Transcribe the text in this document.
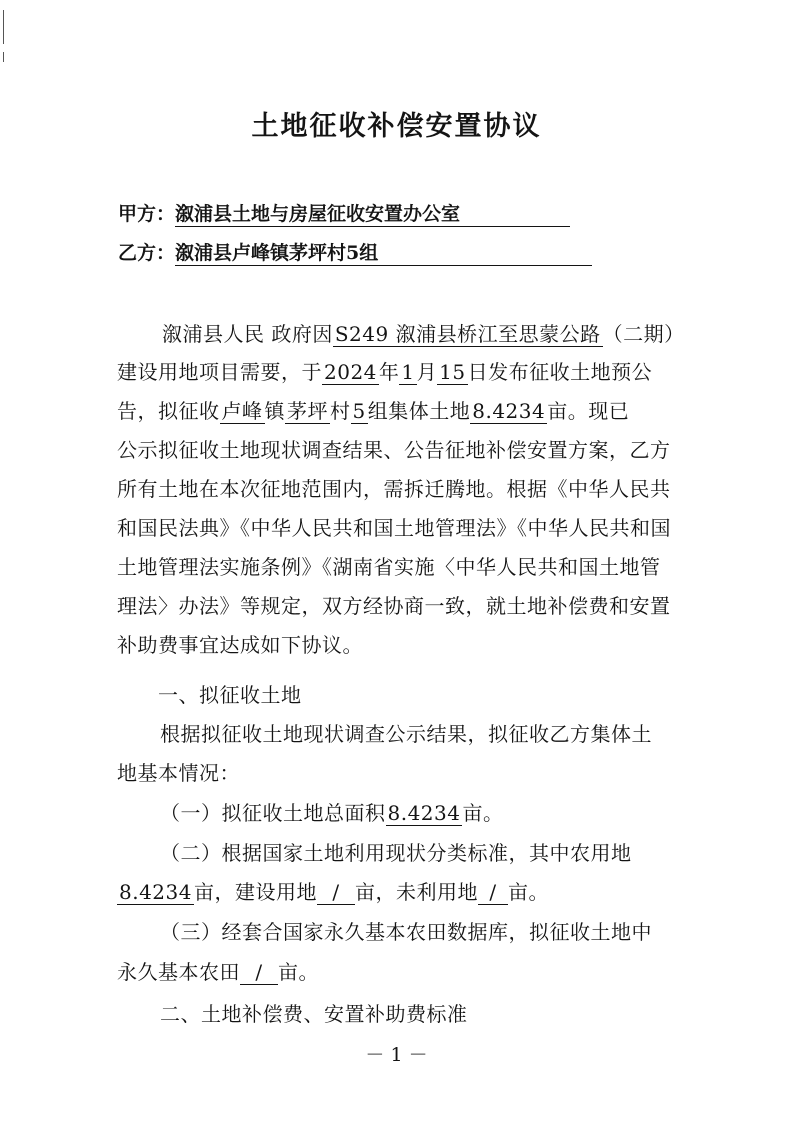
土地征收补偿安置协议
甲方：溆浦县土地与房屋征收安置办公室
乙方：溆浦县卢峰镇茅坪村5组
溆浦县人民 政府因 S249 溆浦县桥江至思蒙公路 （二期）
建设用地项目需要，于 2024 年 1 月 15 日发布征收土地预公
告，拟征收 卢峰 镇 茅坪 村 5 组集体土地 8.4234 亩。现已
公示拟征收土地现状调查结果、公告征地补偿安置方案，乙方
所有土地在本次征地范围内，需拆迁腾地。根据《中华人民共
和国民法典》《中华人民共和国土地管理法》《中华人民共和国
土地管理法实施条例》《湖南省实施〈中华人民共和国土地管
理法〉办法》等规定，双方经协商一致，就土地补偿费和安置
补助费事宜达成如下协议。
一、拟征收土地
根据拟征收土地现状调查公示结果，拟征收乙方集体土
地基本情况：
（一）拟征收土地总面积 8.4234 亩。
（二）根据国家土地利用现状分类标准，其中农用地
8.4234 亩，建设用地 / 亩，未利用地 / 亩。
（三）经套合国家永久基本农田数据库，拟征收土地中
永久基本农田 / 亩。
二、土地补偿费、安置补助费标准
－ 1 －
